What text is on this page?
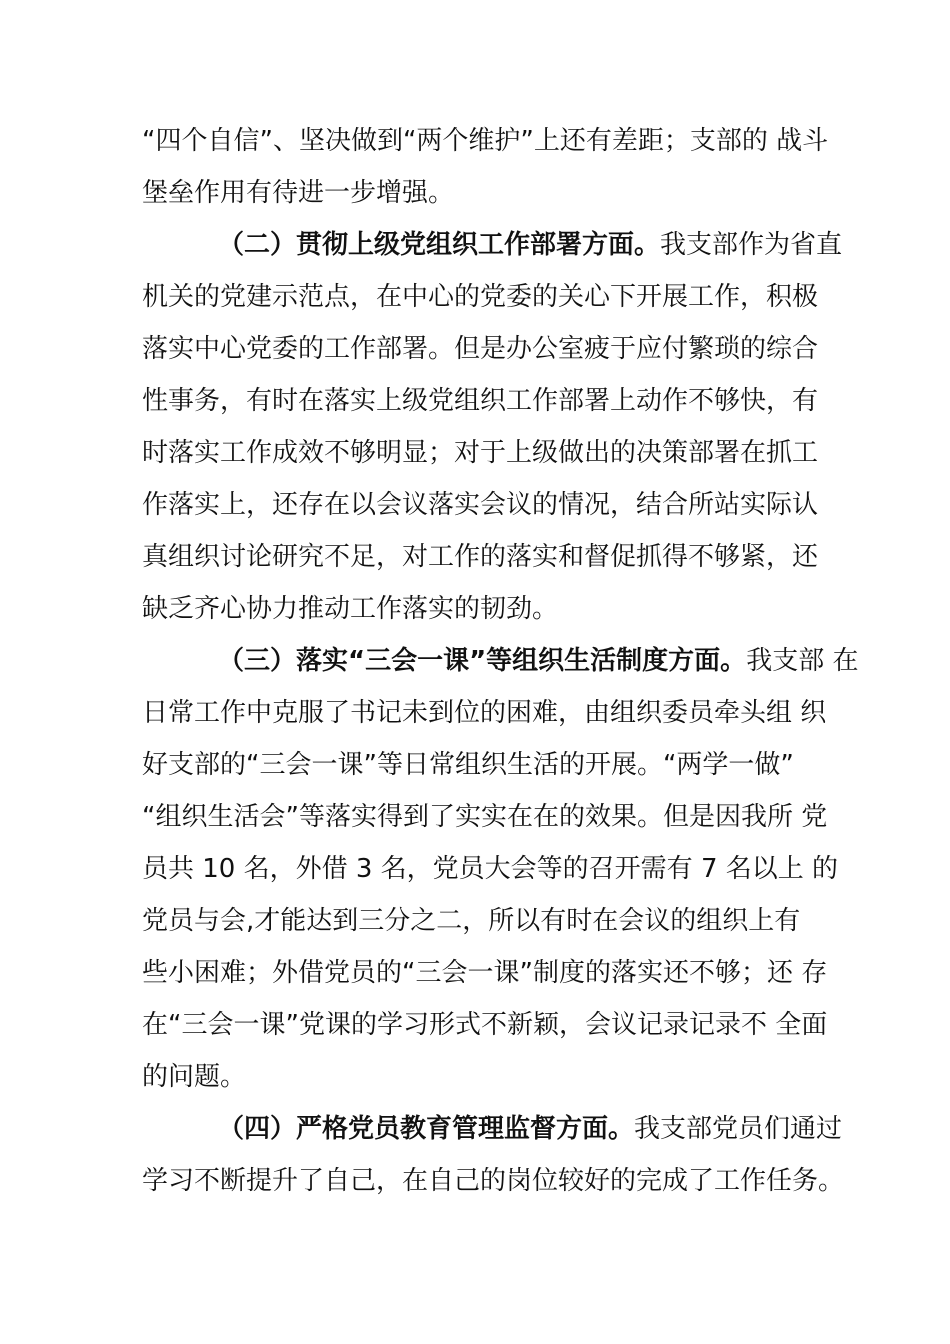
“四个自信”、坚决做到“两个维护”上还有差距；支部的 战斗
堡垒作用有待进一步增强。
（二）贯彻上级党组织工作部署方面。我支部作为省直
机关的党建示范点，在中心的党委的关心下开展工作，积极
落实中心党委的工作部署。但是办公室疲于应付繁琐的综合
性事务，有时在落实上级党组织工作部署上动作不够快，有
时落实工作成效不够明显；对于上级做出的决策部署在抓工
作落实上，还存在以会议落实会议的情况，结合所站实际认
真组织讨论研究不足，对工作的落实和督促抓得不够紧，还
缺乏齐心协力推动工作落实的韧劲。
（三）落实“三会一课”等组织生活制度方面。我支部 在
日常工作中克服了书记未到位的困难，由组织委员牵头组 织
好支部的“三会一课”等日常组织生活的开展。“两学一做”
“组织生活会”等落实得到了实实在在的效果。但是因我所 党
员共 10 名，外借 3 名，党员大会等的召开需有 7 名以上 的
党员与会,才能达到三分之二，所以有时在会议的组织上有
些小困难；外借党员的“三会一课”制度的落实还不够；还 存
在“三会一课”党课的学习形式不新颖，会议记录记录不 全面
的问题。
（四）严格党员教育管理监督方面。我支部党员们通过
学习不断提升了自己，在自己的岗位较好的完成了工作任务。
